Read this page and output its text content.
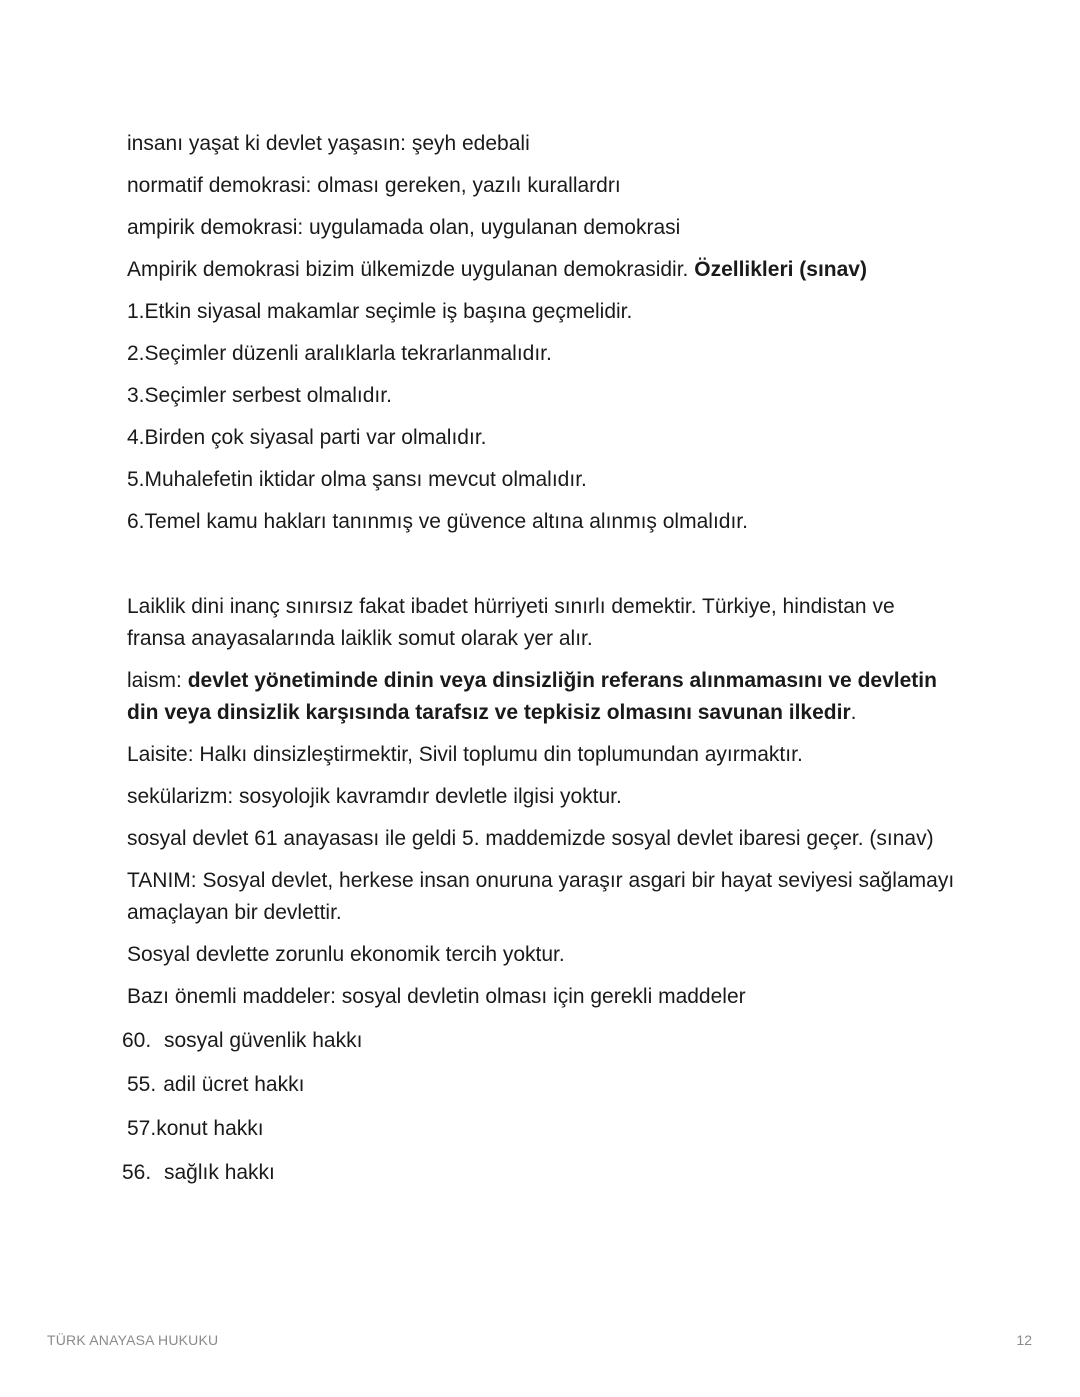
insanı yaşat ki devlet yaşasın: şeyh edebali

normatif demokrasi: olması gereken, yazılı kurallardrı

ampirik demokrasi: uygulamada olan, uygulanan demokrasi

Ampirik demokrasi bizim ülkemizde uygulanan demokrasidir. Özellikleri (sınav)

1.Etkin siyasal makamlar seçimle iş başına geçmelidir.

2.Seçimler düzenli aralıklarla tekrarlanmalıdır.

3.Seçimler serbest olmalıdır.

4.Birden çok siyasal parti var olmalıdır.

5.Muhalefetin iktidar olma şansı mevcut olmalıdır.

6.Temel kamu hakları tanınmış ve güvence altına alınmış olmalıdır.

Laiklik dini inanç sınırsız fakat ibadet hürriyeti sınırlı demektir. Türkiye, hindistan ve fransa anayasalarında laiklik somut olarak yer alır.

laism: devlet yönetiminde dinin veya dinsizliğin referans alınmamasını ve devletin din veya dinsizlik karşısında tarafsız ve tepkisiz olmasını savunan ilkedir.

Laisite: Halkı dinsizleştirmektir, Sivil toplumu din toplumundan ayırmaktır.

sekülarizm: sosyolojik kavramdır devletle ilgisi yoktur.

sosyal devlet 61 anayasası ile geldi 5. maddemizde sosyal devlet ibaresi geçer. (sınav)

TANIM: Sosyal devlet, herkese insan onuruna yaraşır asgari bir hayat seviyesi sağlamayı amaçlayan bir devlettir.

Sosyal devlette zorunlu ekonomik tercih yoktur.

Bazı önemli maddeler: sosyal devletin olması için gerekli maddeler

60. sosyal güvenlik hakkı
55. adil ücret hakkı
57.konut hakkı
56. sağlık hakkı
TÜRK ANAYASA HUKUKU	12
